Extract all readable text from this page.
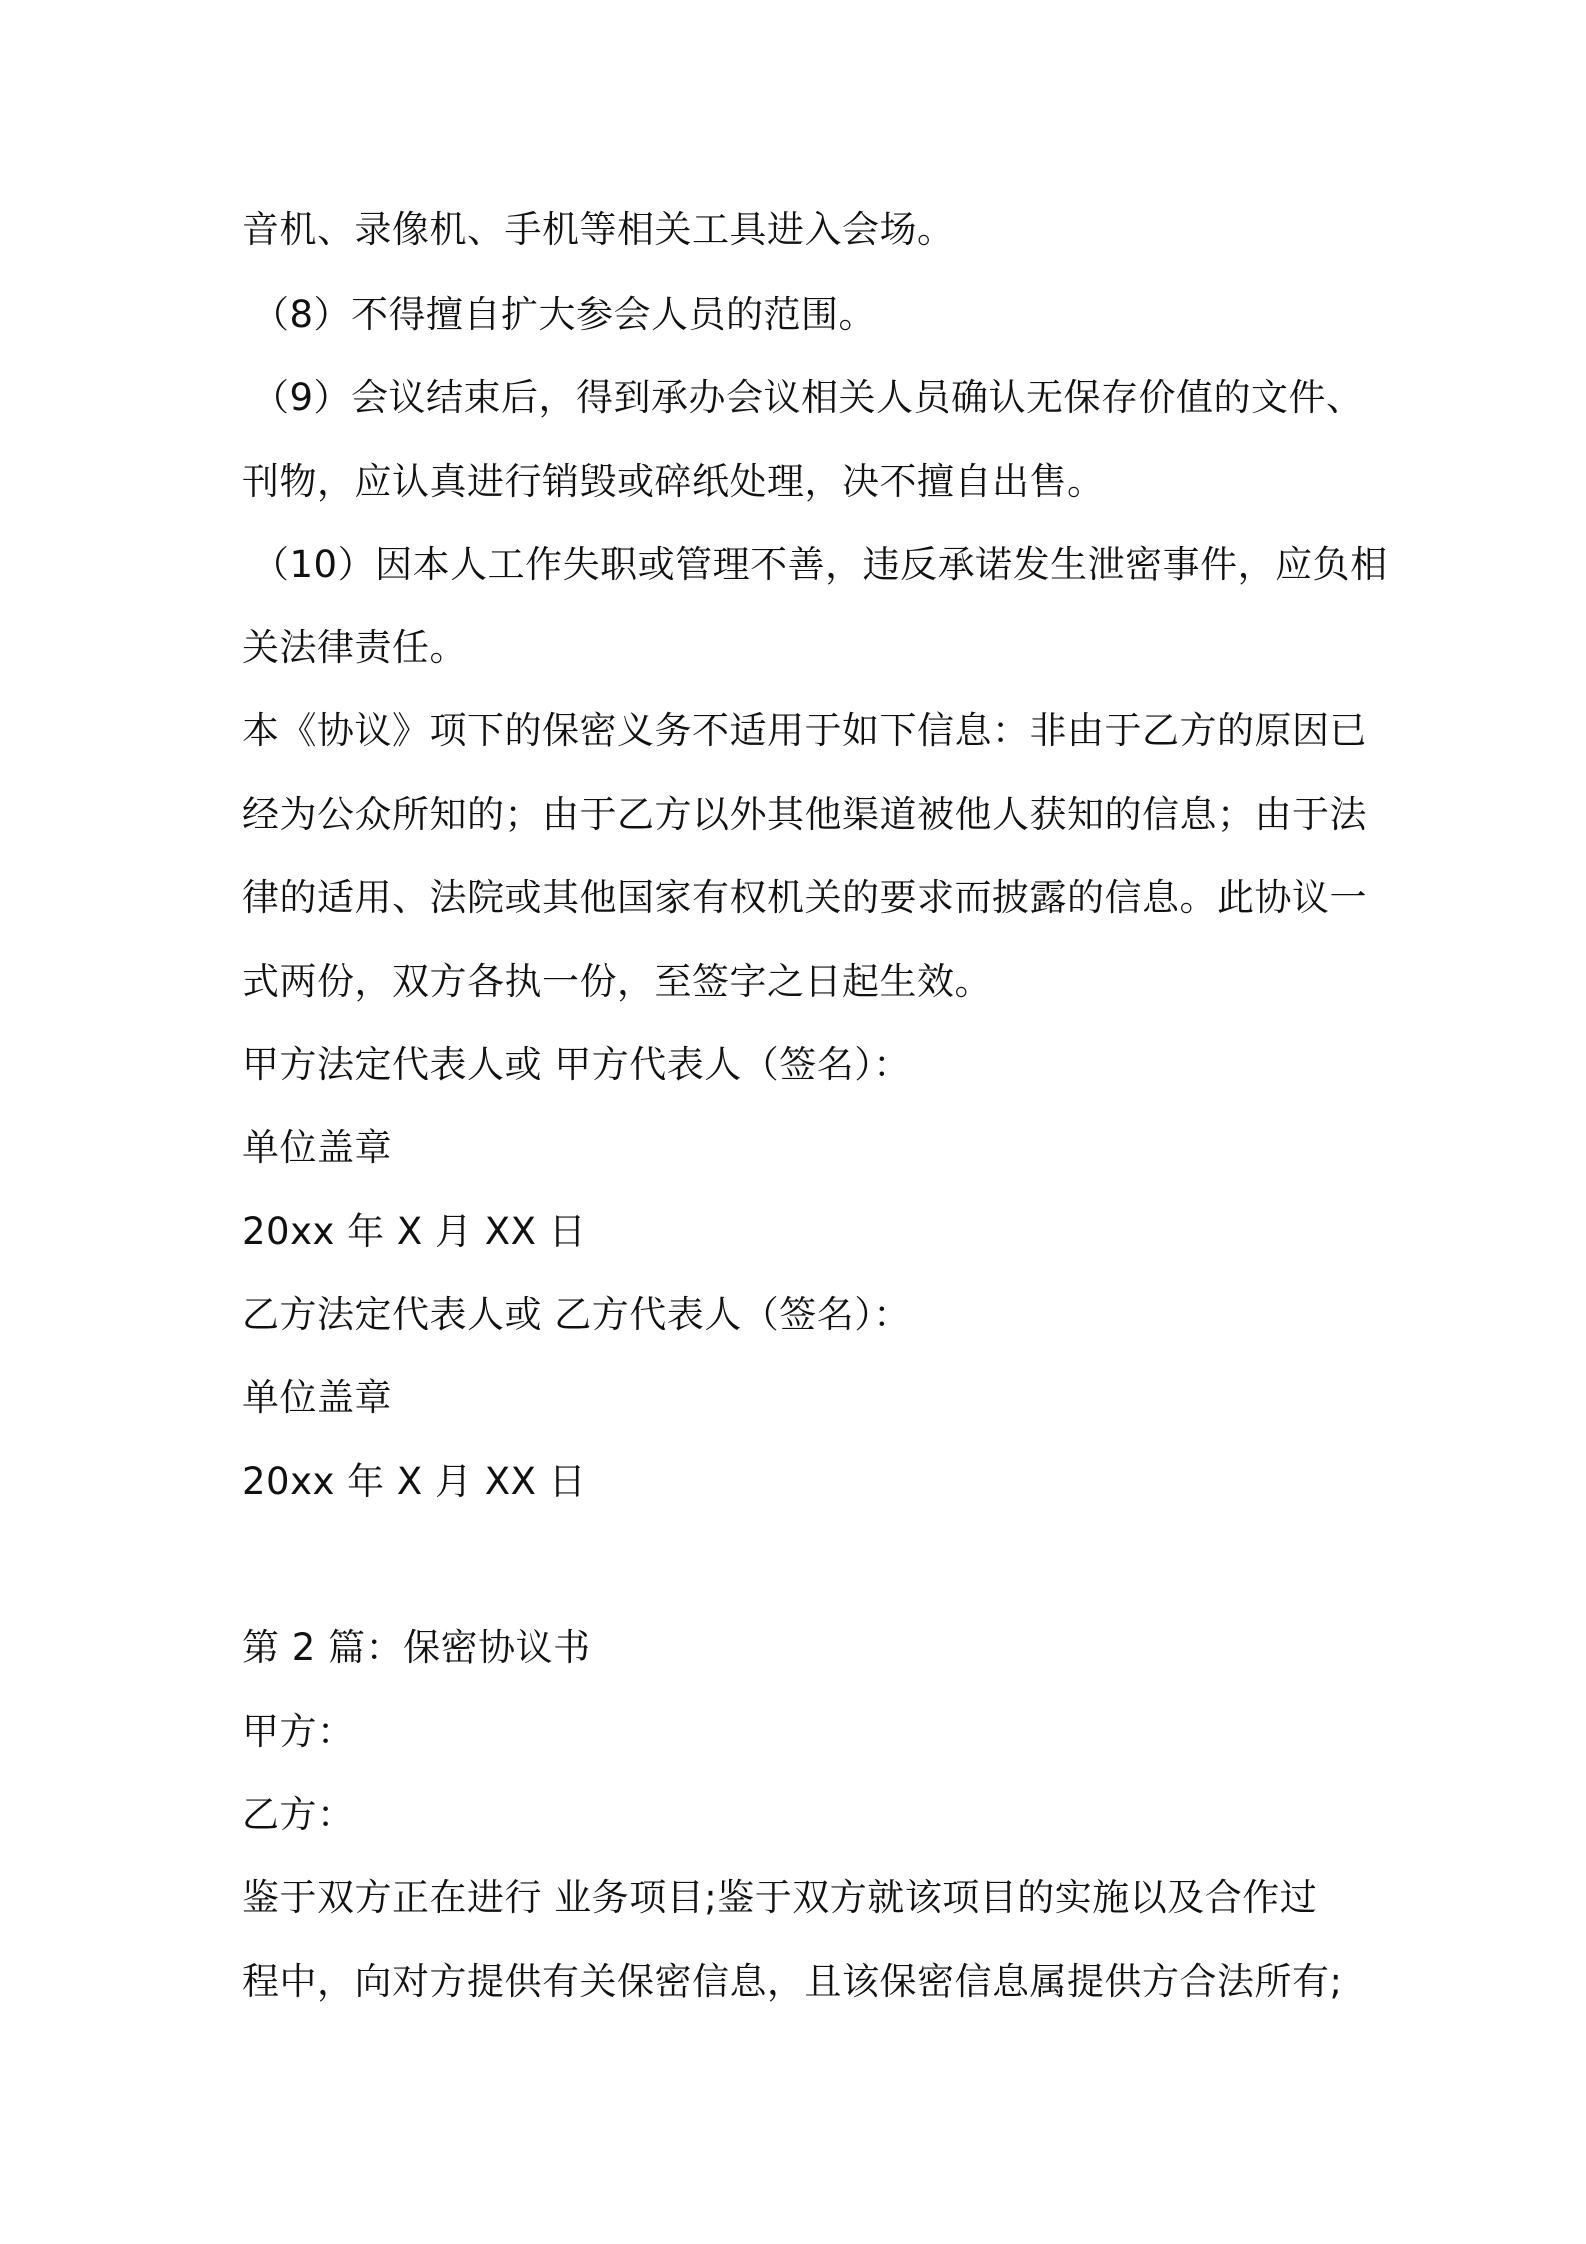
音机、录像机、手机等相关工具进入会场。
（8）不得擅自扩大参会人员的范围。
（9）会议结束后，得到承办会议相关人员确认无保存价值的文件、
刊物，应认真进行销毁或碎纸处理，决不擅自出售。
（10）因本人工作失职或管理不善，违反承诺发生泄密事件，应负相
关法律责任。
本《协议》项下的保密义务不适用于如下信息：非由于乙方的原因已
经为公众所知的；由于乙方以外其他渠道被他人获知的信息；由于法
律的适用、法院或其他国家有权机关的要求而披露的信息。此协议一
式两份，双方各执一份，至签字之日起生效。
甲方法定代表人或 甲方代表人（签名）：
单位盖章
20xx 年 X 月 XX 日
乙方法定代表人或 乙方代表人（签名）：
单位盖章
20xx 年 X 月 XX 日
第 2 篇：保密协议书
甲方：
乙方：
鉴于双方正在进行 业务项目;鉴于双方就该项目的实施以及合作过
程中，向对方提供有关保密信息，且该保密信息属提供方合法所有;
